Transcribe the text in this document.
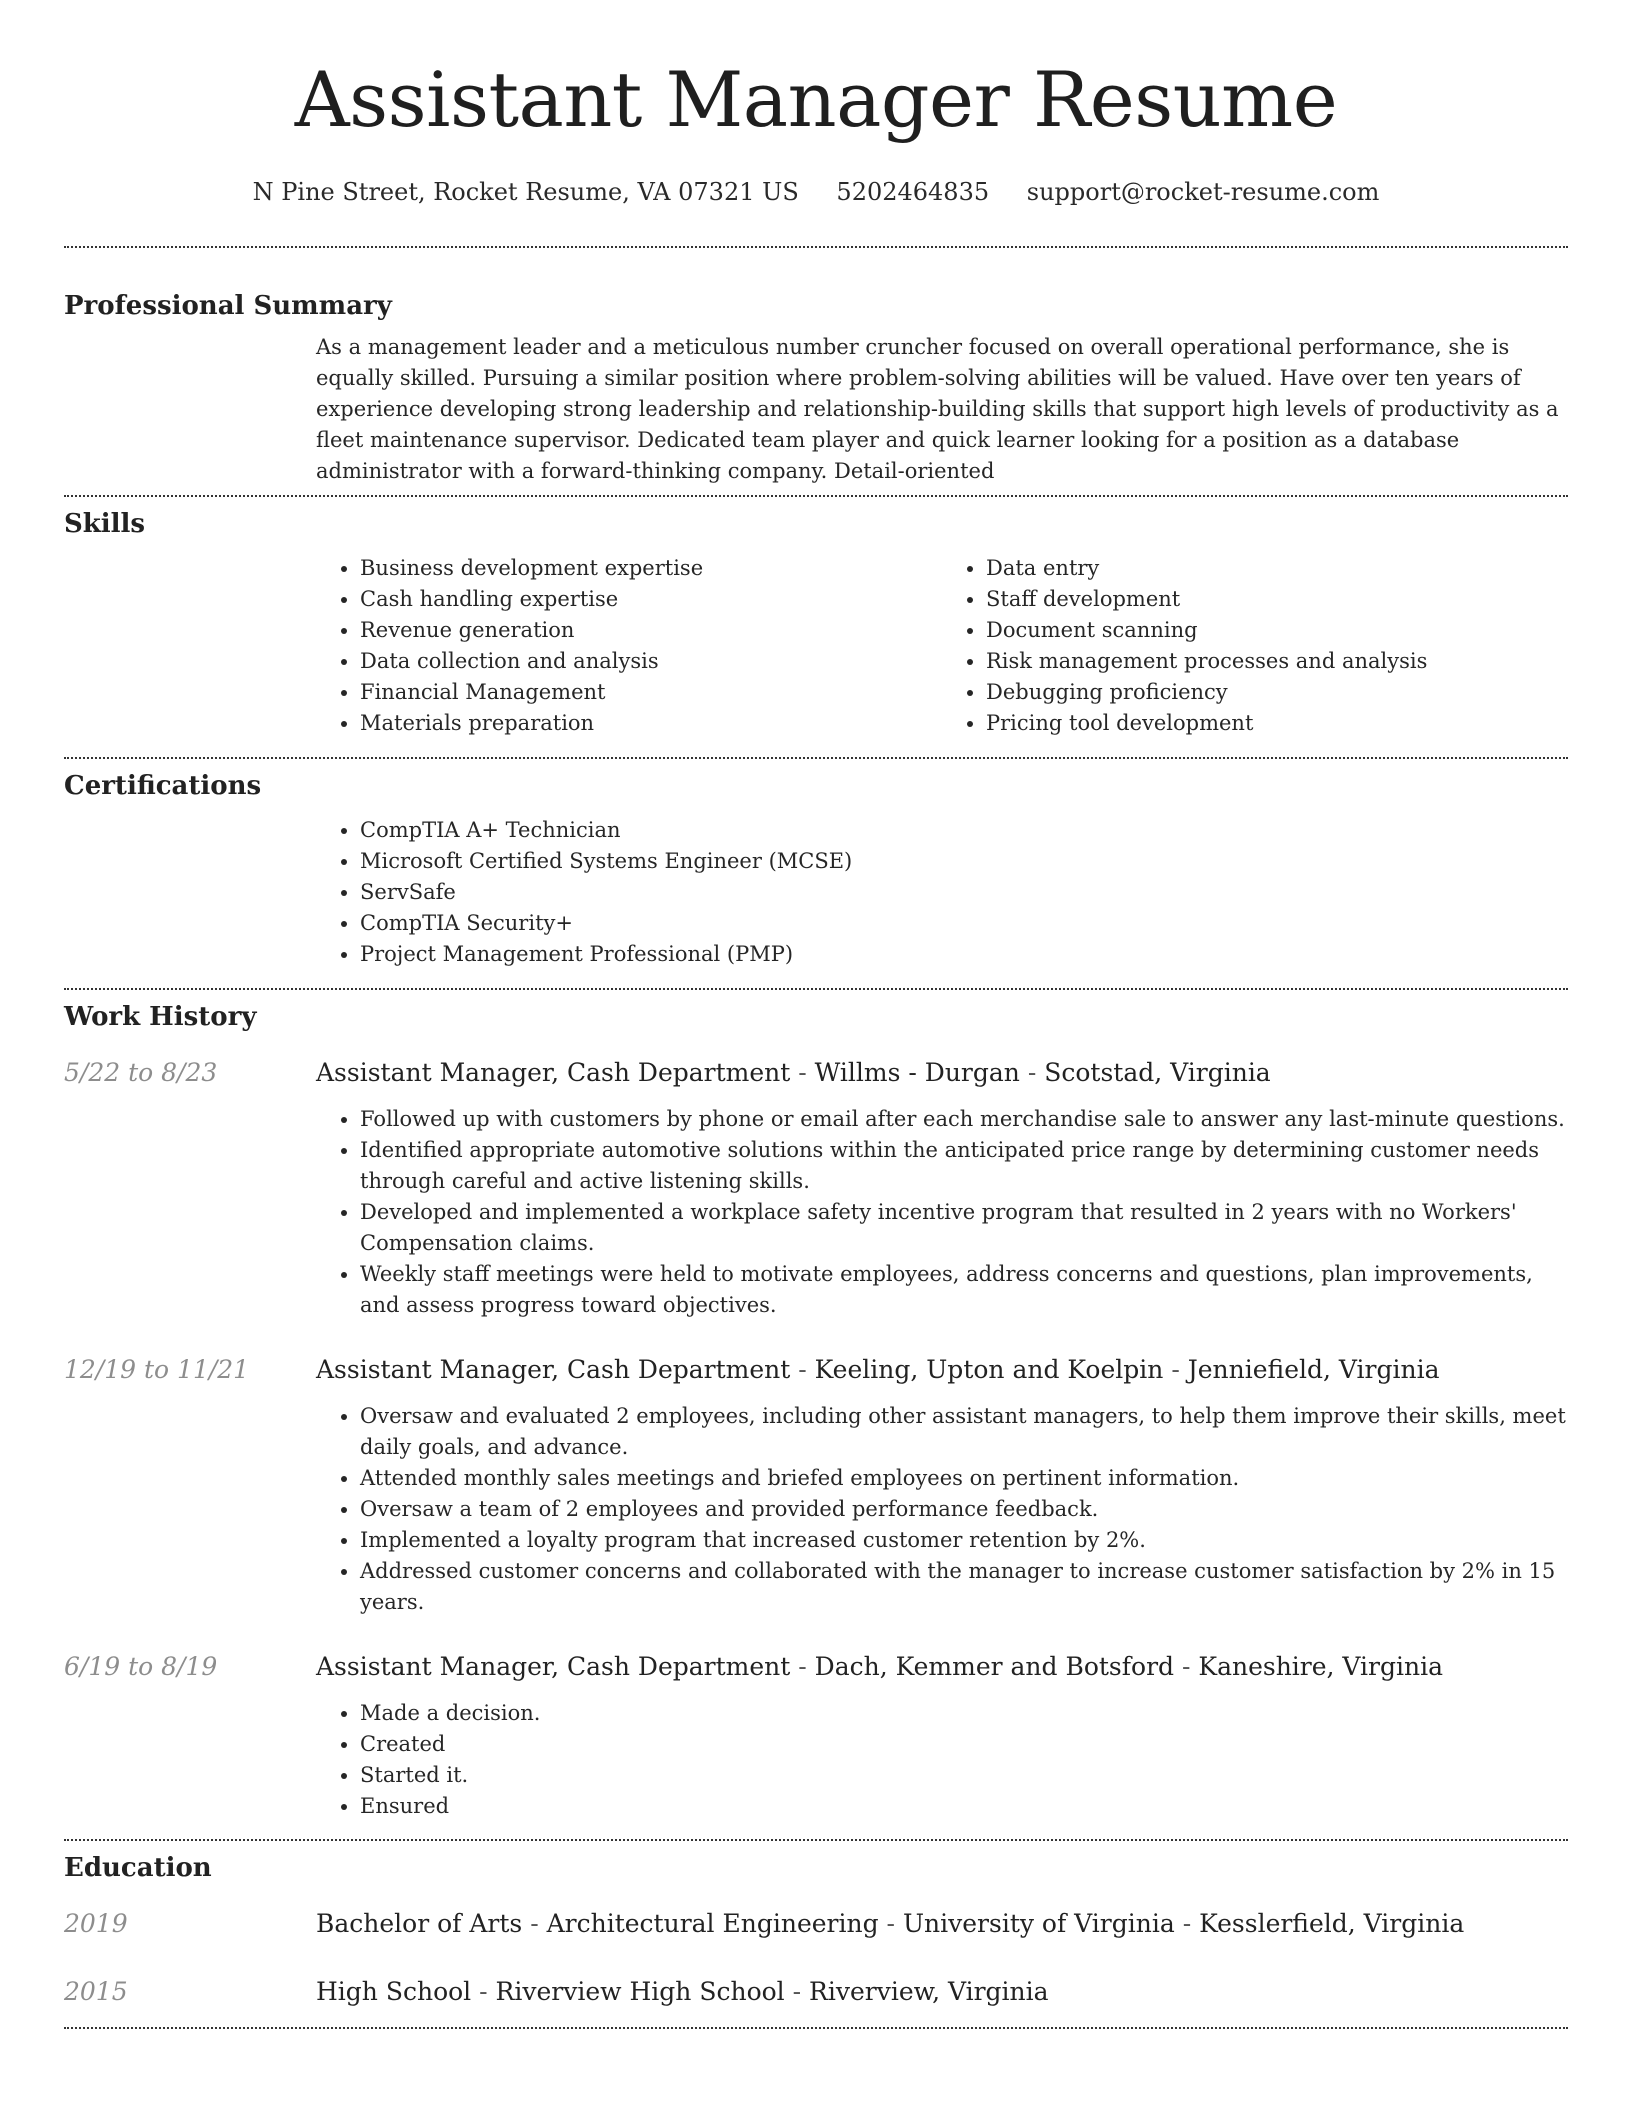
Assistant Manager Resume
N Pine Street, Rocket Resume, VA 07321 US 5202464835 support@rocket-resume.com
Professional Summary

As a management leader and a meticulous number cruncher focused on overall operational performance, she is equally skilled. Pursuing a similar position where problem-solving abilities will be valued. Have over ten years of experience developing strong leadership and relationship-building skills that support high levels of productivity as a fleet maintenance supervisor. Dedicated team player and quick learner looking for a position as a database administrator with a forward-thinking company. Detail-oriented

Skills
• Business development expertise
• Cash handling expertise
• Revenue generation
• Data collection and analysis
• Financial Management
• Materials preparation
• Data entry
• Staff development
• Document scanning
• Risk management processes and analysis
• Debugging proficiency
• Pricing tool development
Certifications
• CompTIA A+ Technician
• Microsoft Certified Systems Engineer (MCSE)
• ServSafe
• CompTIA Security+
• Project Management Professional (PMP)
Work History
5/22 to 8/23	Assistant Manager, Cash Department - Willms - Durgan - Scotstad, Virginia
• Followed up with customers by phone or email after each merchandise sale to answer any last-minute questions.
• Identified appropriate automotive solutions within the anticipated price range by determining customer needs through careful and active listening skills.
• Developed and implemented a workplace safety incentive program that resulted in 2 years with no Workers' Compensation claims.
• Weekly staff meetings were held to motivate employees, address concerns and questions, plan improvements, and assess progress toward objectives.
12/19 to 11/21	Assistant Manager, Cash Department - Keeling, Upton and Koelpin - Jenniefield, Virginia
• Oversaw and evaluated 2 employees, including other assistant managers, to help them improve their skills, meet daily goals, and advance.
• Attended monthly sales meetings and briefed employees on pertinent information.
• Oversaw a team of 2 employees and provided performance feedback.
• Implemented a loyalty program that increased customer retention by 2%.
• Addressed customer concerns and collaborated with the manager to increase customer satisfaction by 2% in 15 years.
6/19 to 8/19	Assistant Manager, Cash Department - Dach, Kemmer and Botsford - Kaneshire, Virginia
• Made a decision.
• Created
• Started it.
• Ensured
Education
2019	Bachelor of Arts - Architectural Engineering - University of Virginia - Kesslerfield, Virginia
2015	High School - Riverview High School - Riverview, Virginia
